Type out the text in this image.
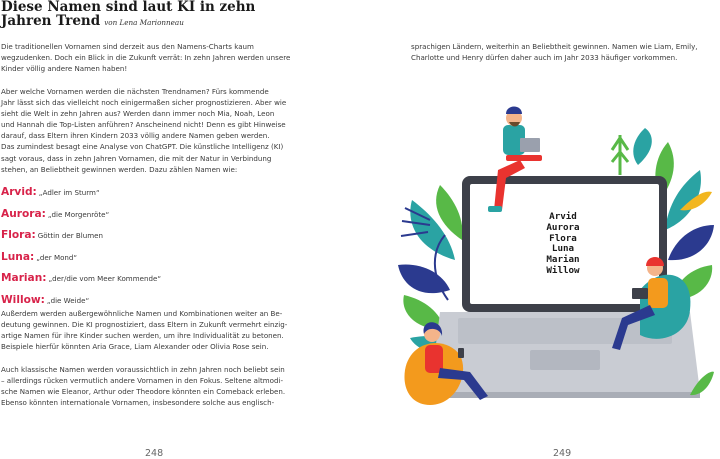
Diese Namen sind laut KI in zehn
Jahren Trend von Lena Marionneau
Die traditionellen Vornamen sind derzeit aus den Namens-Charts kaum
wegzudenken. Doch ein Blick in die Zukunft verrät: In zehn Jahren werden unsere
Kinder völlig andere Namen haben!
Aber welche Vornamen werden die nächsten Trendnamen? Fürs kommende
Jahr lässt sich das vielleicht noch einigermaßen sicher prognostizieren. Aber wie
sieht die Welt in zehn Jahren aus? Werden dann immer noch Mia, Noah, Leon
und Hannah die Top-Listen anführen? Anscheinend nicht! Denn es gibt Hinweise
darauf, dass Eltern ihren Kindern 2033 völlig andere Namen geben werden.
Das zumindest besagt eine Analyse von ChatGPT. Die künstliche Intelligenz (KI)
sagt voraus, dass in zehn Jahren Vornamen, die mit der Natur in Verbindung
stehen, an Beliebtheit gewinnen werden. Dazu zählen Namen wie:
Arvid: „Adler im Sturm“
Aurora: „die Morgenröte“
Flora: Göttin der Blumen
Luna: „der Mond“
Marian: „der/die vom Meer Kommende“
Willow: „die Weide“
Außerdem werden außergewöhnliche Namen und Kombinationen weiter an Be-
deutung gewinnen. Die KI prognostiziert, dass Eltern in Zukunft vermehrt einzig-
artige Namen für ihre Kinder suchen werden, um ihre Individualität zu betonen.
Beispiele hierfür könnten Aria Grace, Liam Alexander oder Olivia Rose sein.
Auch klassische Namen werden voraussichtlich in zehn Jahren noch beliebt sein
– allerdings rücken vermutlich andere Vornamen in den Fokus. Seltene altmodi-
sche Namen wie Eleanor, Arthur oder Theodore könnten ein Comeback erleben.
Ebenso könnten internationale Vornamen, insbesondere solche aus englisch-
248
sprachigen Ländern, weiterhin an Beliebtheit gewinnen. Namen wie Liam, Emily,
Charlotte und Henry dürfen daher auch im Jahr 2033 häufiger vorkommen.
Arvid
Aurora
Flora
Luna
Marian
Willow
249
